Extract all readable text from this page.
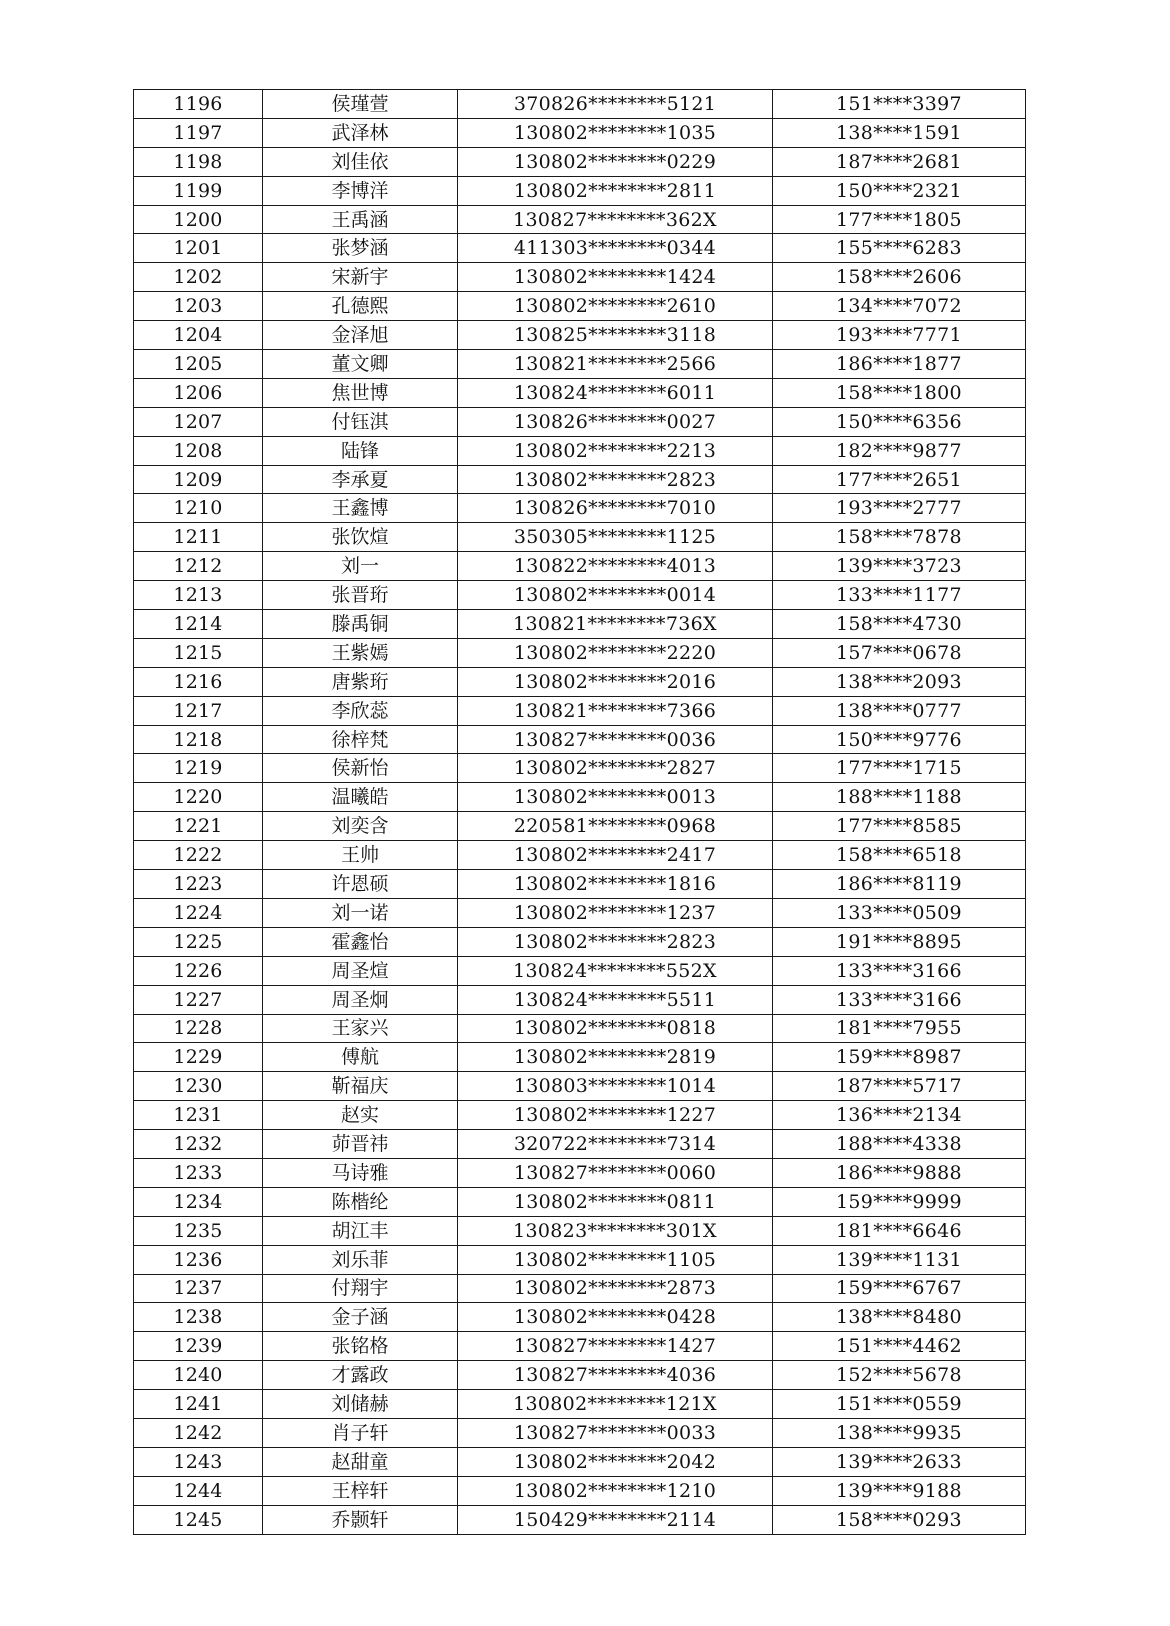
1196	侯瑾萱	370826********5121	151****3397
1197	武泽林	130802********1035	138****1591
1198	刘佳依	130802********0229	187****2681
1199	李博洋	130802********2811	150****2321
1200	王禹涵	130827********362X	177****1805
1201	张梦涵	411303********0344	155****6283
1202	宋新宇	130802********1424	158****2606
1203	孔德熙	130802********2610	134****7072
1204	金泽旭	130825********3118	193****7771
1205	董文卿	130821********2566	186****1877
1206	焦世博	130824********6011	158****1800
1207	付钰淇	130826********0027	150****6356
1208	陆锋	130802********2213	182****9877
1209	李承夏	130802********2823	177****2651
1210	王鑫博	130826********7010	193****2777
1211	张饮煊	350305********1125	158****7878
1212	刘一	130822********4013	139****3723
1213	张晋珩	130802********0014	133****1177
1214	滕禹铜	130821********736X	158****4730
1215	王紫嫣	130802********2220	157****0678
1216	唐紫珩	130802********2016	138****2093
1217	李欣蕊	130821********7366	138****0777
1218	徐梓梵	130827********0036	150****9776
1219	侯新怡	130802********2827	177****1715
1220	温曦皓	130802********0013	188****1188
1221	刘奕含	220581********0968	177****8585
1222	王帅	130802********2417	158****6518
1223	许恩硕	130802********1816	186****8119
1224	刘一诺	130802********1237	133****0509
1225	霍鑫怡	130802********2823	191****8895
1226	周圣煊	130824********552X	133****3166
1227	周圣炯	130824********5511	133****3166
1228	王家兴	130802********0818	181****7955
1229	傅航	130802********2819	159****8987
1230	靳福庆	130803********1014	187****5717
1231	赵实	130802********1227	136****2134
1232	茆晋祎	320722********7314	188****4338
1233	马诗雅	130827********0060	186****9888
1234	陈楷纶	130802********0811	159****9999
1235	胡江丰	130823********301X	181****6646
1236	刘乐菲	130802********1105	139****1131
1237	付翔宇	130802********2873	159****6767
1238	金子涵	130802********0428	138****8480
1239	张铭格	130827********1427	151****4462
1240	才露政	130827********4036	152****5678
1241	刘储赫	130802********121X	151****0559
1242	肖子轩	130827********0033	138****9935
1243	赵甜童	130802********2042	139****2633
1244	王梓轩	130802********1210	139****9188
1245	乔颢轩	150429********2114	158****0293
